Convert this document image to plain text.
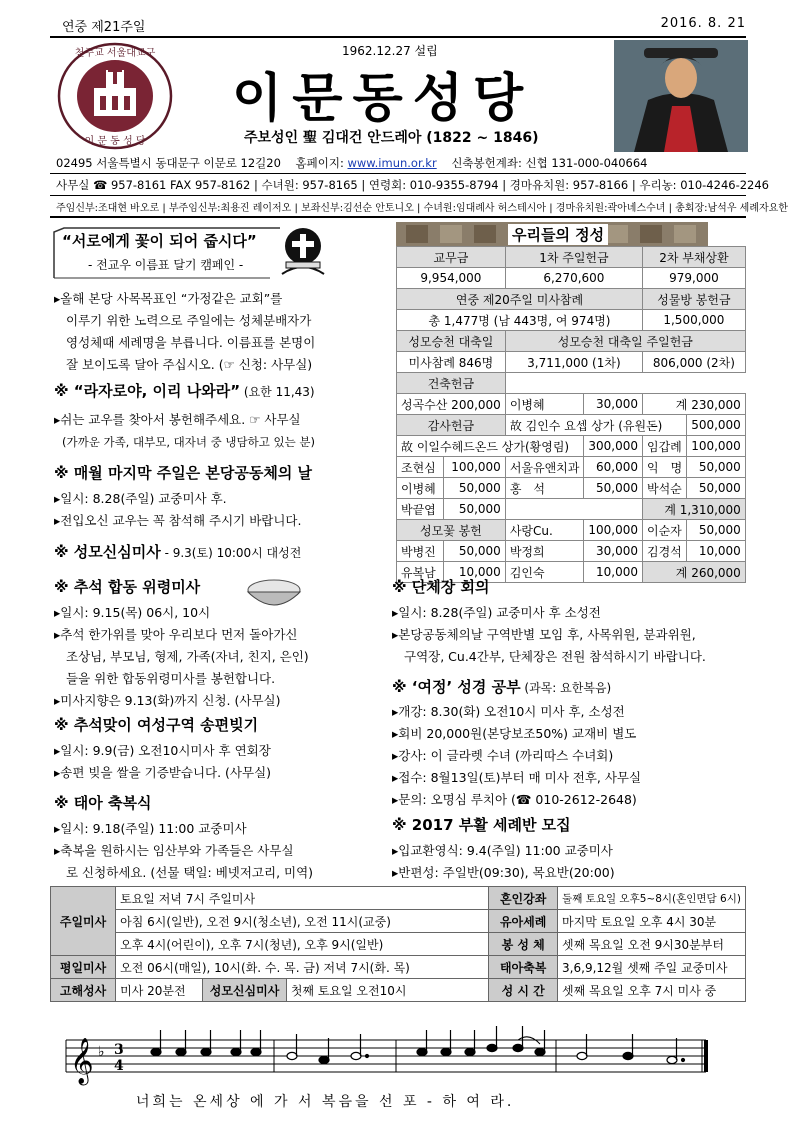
연중 제21주일	2016. 8. 21
천주교 서울대교구
이 문 동 성 당
1962.12.27 설립
이문동성당
주보성인 聖 김대건 안드레아 (1822 ~ 1846)
02495 서울특별시 동대문구 이문로 12길20 홈페이지: www.imun.or.kr 신축봉헌계좌: 신협 131-000-040664
사무실 ☎ 957-8161 FAX 957-8162 | 수녀원: 957-8165 | 연령회: 010-9355-8794 | 경마유치원: 957-8166 | 우리농: 010-4246-2246
주임신부:조대현 바오로 | 부주임신부:최용진 레이저오 | 보좌신부:김선순 안토니오 | 수녀원:임대례사 허스테시아 | 경마유치원:곽아녜스수녀 | 총회장:남석우 세례자요한
“서로에게 꽃이 되어 줍시다”
- 전교우 이름표 달기 캠페인 -
▸올해 본당 사목목표인 “가정같은 교회”를
이루기 위한 노력으로 주일에는 성체분배자가
영성체때 세례명을 부릅니다. 이름표를 본명이
잘 보이도록 달아 주십시오. (☞ 신청: 사무실)
※ “라자로야, 이리 나와라” (요한 11,43)
▸쉬는 교우를 찾아서 봉헌해주세요. ☞ 사무실
(가까운 가족, 대부모, 대자녀 중 냉담하고 있는 분)
※ 매월 마지막 주일은 본당공동체의 날
▸일시: 8.28(주일) 교중미사 후.
▸전입오신 교우는 꼭 참석해 주시기 바랍니다.
※ 성모신심미사 - 9.3(토) 10:00시 대성전
※ 추석 합동 위령미사
▸일시: 9.15(목) 06시, 10시
▸추석 한가위를 맞아 우리보다 먼저 돌아가신
조상님, 부모님, 형제, 가족(자녀, 친지, 은인)
들을 위한 합동위령미사를 봉헌합니다.
▸미사지향은 9.13(화)까지 신청. (사무실)
※ 추석맞이 여성구역 송편빚기
▸일시: 9.9(금) 오전10시미사 후 연회장
▸송편 빚을 쌀을 기증받습니다. (사무실)
※ 태아 축복식
▸일시: 9.18(주일) 11:00 교중미사
▸축복을 원하시는 임산부와 가족들은 사무실
로 신청하세요. (선물 택일: 베넷저고리, 미역)
우리들의 정성
교무금		1차 주일헌금		2차 부채상환	
9,954,000		6,270,600		979,000	
연중 제20주일 미사참례				성물방 봉헌금	
총 1,477명 (남 443명, 여 974명)				1,500,000	
성모승천 대축일		성모승천 대축일 주일헌금			
미사참례 846명		3,711,000 (1차)		806,000 (2차)	
건축헌금					
성곡수산 200,000		이병혜	30,000	계 230,000	
감사헌금		故 김인수 요셉 상가 (유원돈)			500,000
故 이일수헤드온드 상가(황영림)			300,000	임갑례	100,000
조현심	100,000	서울유앤치과	60,000	익　명	50,000
이병혜	50,000	홍　석	50,000	박석순	50,000
박끝엽	50,000			계 1,310,000	
성모꽃 봉헌		사랑Cu.	100,000	이순자	50,000
박병진	50,000	박정희	30,000	김경석	10,000
유복남	10,000	김인숙	10,000	계 260,000	
※ 단체장 회의
▸일시: 8.28(주일) 교중미사 후 소성전
▸본당공동체의날 구역반별 모임 후, 사목위원, 분과위원,
구역장, Cu.4간부, 단체장은 전원 참석하시기 바랍니다.
※ ‘여정’ 성경 공부 (과목: 요한복음)
▸개강: 8.30(화) 오전10시 미사 후, 소성전
▸회비 20,000원(본당보조50%) 교재비 별도
▸강사: 이 글라렛 수녀 (까리따스 수녀회)
▸접수: 8월13일(토)부터 매 미사 전후, 사무실
▸문의: 오명심 루치아 (☎ 010-2612-2648)
※ 2017 부활 세례반 모집
▸입교환영식: 9.4(주일) 11:00 교중미사
▸반편성: 주일반(09:30), 목요반(20:00)
주일미사	토요일 저녁 7시 주일미사			혼인강좌	둘째 토요일 오후5~8시(혼인면담 6시)
	아침 6시(일반), 오전 9시(청소년), 오전 11시(교중)			유아세례	마지막 토요일 오후 4시 30분
	오후 4시(어린이), 오후 7시(청년), 오후 9시(일반)			봉 성 체	셋째 목요일 오전 9시30분부터
평일미사	오전 06시(매일), 10시(화. 수. 목. 금) 저녁 7시(화. 목)			태아축복	3,6,9,12월 셋째 주일 교중미사
고해성사	미사 20분전	성모신심미사	첫째 토요일 오전10시	성 시 간	셋째 목요일 오후 7시 미사 중
𝄞 ♭ 3
4
너희는 온세상 에 가 서 복음을 선 포 - 하 여 라.
